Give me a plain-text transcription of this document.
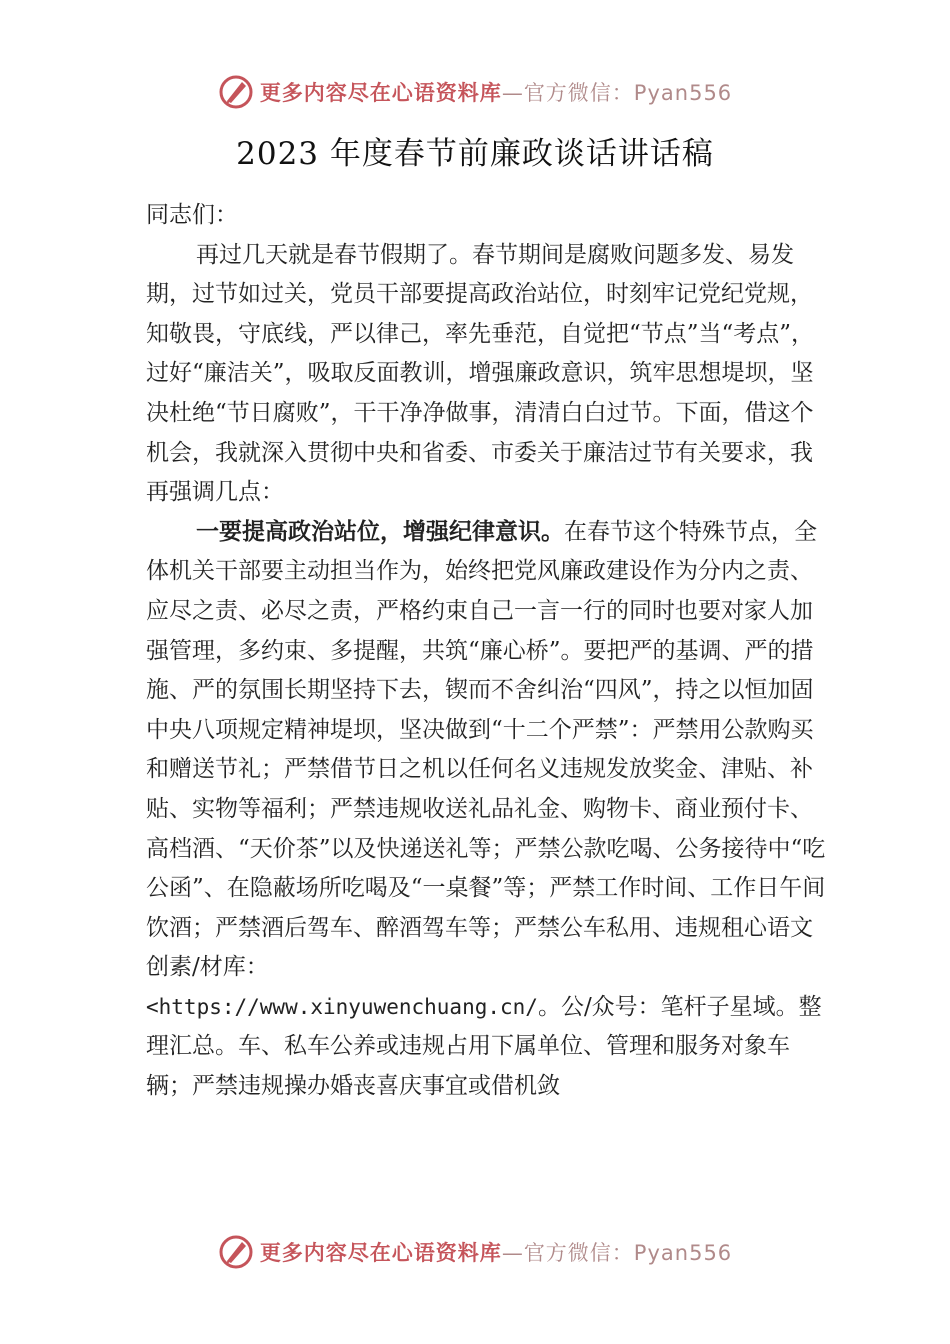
更多内容尽在心语资料库—官方微信：Pyan556
2023 年度春节前廉政谈话讲话稿

同志们：

再过几天就是春节假期了。春节期间是腐败问题多发、易发期，过节如过关，党员干部要提高政治站位，时刻牢记党纪党规，知敬畏，守底线，严以律己，率先垂范，自觉把“节点”当“考点”，过好“廉洁关”，吸取反面教训，增强廉政意识，筑牢思想堤坝，坚决杜绝“节日腐败”，干干净净做事，清清白白过节。下面，借这个机会，我就深入贯彻中央和省委、市委关于廉洁过节有关要求，我再强调几点：

一要提高政治站位，增强纪律意识。在春节这个特殊节点，全体机关干部要主动担当作为，始终把党风廉政建设作为分内之责、应尽之责、必尽之责，严格约束自己一言一行的同时也要对家人加强管理，多约束、多提醒，共筑“廉心桥”。要把严的基调、严的措施、严的氛围长期坚持下去，锲而不舍纠治“四风”，持之以恒加固中央八项规定精神堤坝，坚决做到“十二个严禁”：严禁用公款购买和赠送节礼；严禁借节日之机以任何名义违规发放奖金、津贴、补贴、实物等福利；严禁违规收送礼品礼金、购物卡、商业预付卡、高档酒、“天价茶”以及快递送礼等；严禁公款吃喝、公务接待中“吃公函”、在隐蔽场所吃喝及“一桌餐”等；严禁工作时间、工作日午间饮酒；严禁酒后驾车、醉酒驾车等；严禁公车私用、违规租心语文创素/材库：
<https://www.xinyuwenchuang.cn/。公/众号：笔杆子星域。整理汇总。车、私车公养或违规占用下属单位、管理和服务对象车辆；严禁违规操办婚丧喜庆事宜或借机敛

更多内容尽在心语资料库—官方微信：Pyan556
